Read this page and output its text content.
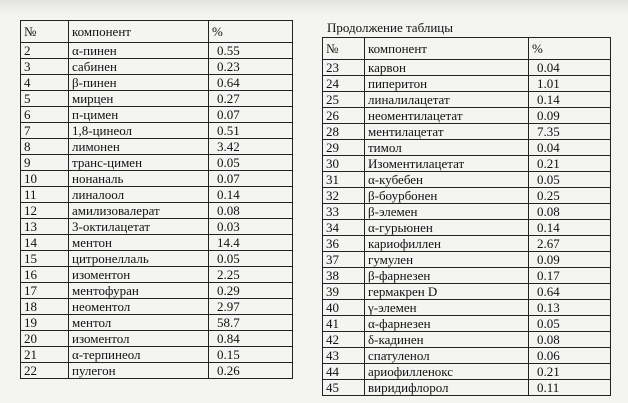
№	компонент	%
2	α-пинен	0.55
3	сабинен	0.23
4	β-пинен	0.64
5	мирцен	0.27
6	п-цимен	0.07
7	1,8-цинеол	0.51
8	лимонен	3.42
9	транс-цимен	0.05
10	нонаналь	0.07
11	линалоол	0.14
12	амилизовалерат	0.08
13	3-октилацетат	0.03
14	ментон	14.4
15	цитронеллаль	0.05
16	изоментон	2.25
17	ментофуран	0.29
18	неоментол	2.97
19	ментол	58.7
20	изоментол	0.84
21	α-терпинеол	0.15
22	пулегон	0.26
Продолжение таблицы
№	компонент	%
23	карвон	0.04
24	пиперитон	1.01
25	линалилацетат	0.14
26	неоментилацетат	0.09
28	ментилацетат	7.35
29	тимол	0.04
30	Изоментилацетат	0.21
31	α-кубебен	0.05
32	β-боурбонен	0.25
33	β-элемен	0.08
34	α-гурьюнен	0.14
36	кариофиллен	2.67
37	гумулен	0.09
38	β-фарнезен	0.17
39	гермакрен D	0.64
40	γ-элемен	0.13
41	α-фарнезен	0.05
42	δ-кадинен	0.08
43	спатуленол	0.06
44	ариофилленокс	0.21
45	виридифлорол	0.11
